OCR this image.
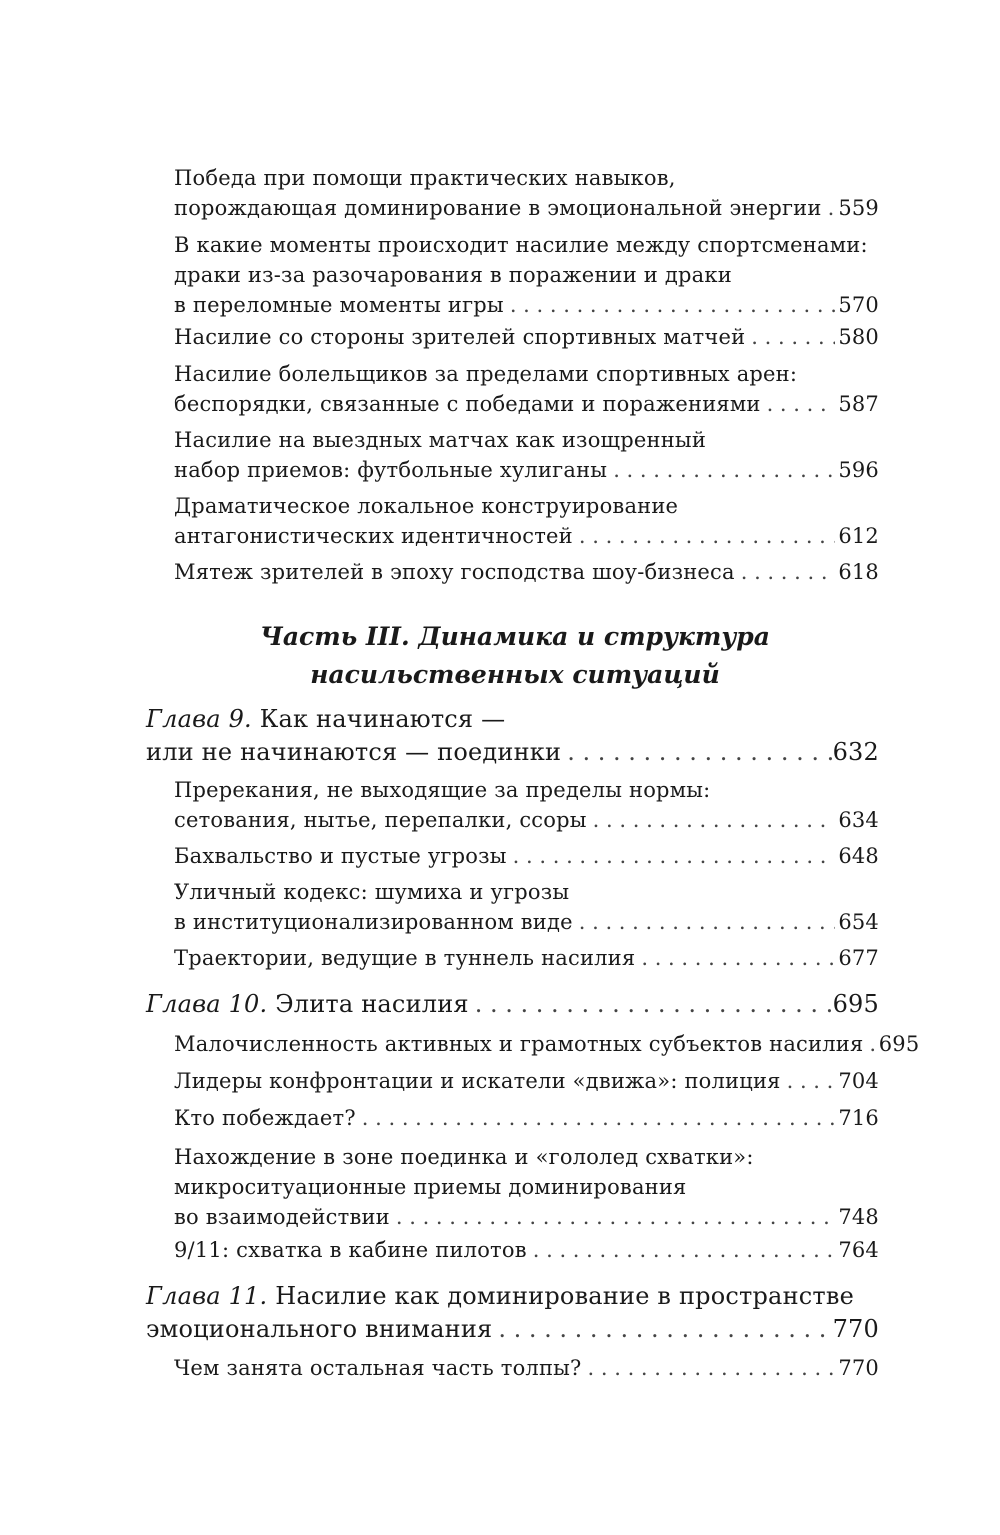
Победа при помощи практических навыков,
порождающая доминирование в эмоциональной энергии . . 559
В какие моменты происходит насилие между спортсменами:
драки из-за разочарования в поражении и драки
в переломные моменты игры . .	570
Насилие со стороны зрителей спортивных матчей . .	580
Насилие болельщиков за пределами спортивных арен:
беспорядки, связанные с победами и поражениями . .	587
Насилие на выездных матчах как изощренный
набор приемов: футбольные хулиганы . .	596
Драматическое локальное конструирование
антагонистических идентичностей . .	612
Мятеж зрителей в эпоху господства шоу-бизнеса . .	618
Часть III. Динамика и структура
насильственных ситуаций
Глава 9. Как начинаются —
или не начинаются — поединки . .	632
Пререкания, не выходящие за пределы нормы:
сетования, нытье, перепалки, ссоры . .	634
Бахвальство и пустые угрозы . .	648
Уличный кодекс: шумиха и угрозы
в институционализированном виде . .	654
Траектории, ведущие в туннель насилия . .	677
Глава 10. Элита насилия . .	695
Малочисленность активных и грамотных субъектов насилия . . 695
Лидеры конфронтации и искатели «движа»: полиция . .	704
Кто побеждает? . .	716
Нахождение в зоне поединка и «гололед схватки»:
микроситуационные приемы доминирования
во взаимодействии . .	748
9/11: схватка в кабине пилотов . .	764
Глава 11. Насилие как доминирование в пространстве
эмоционального внимания . .	770
Чем занята остальная часть толпы? . .	770
